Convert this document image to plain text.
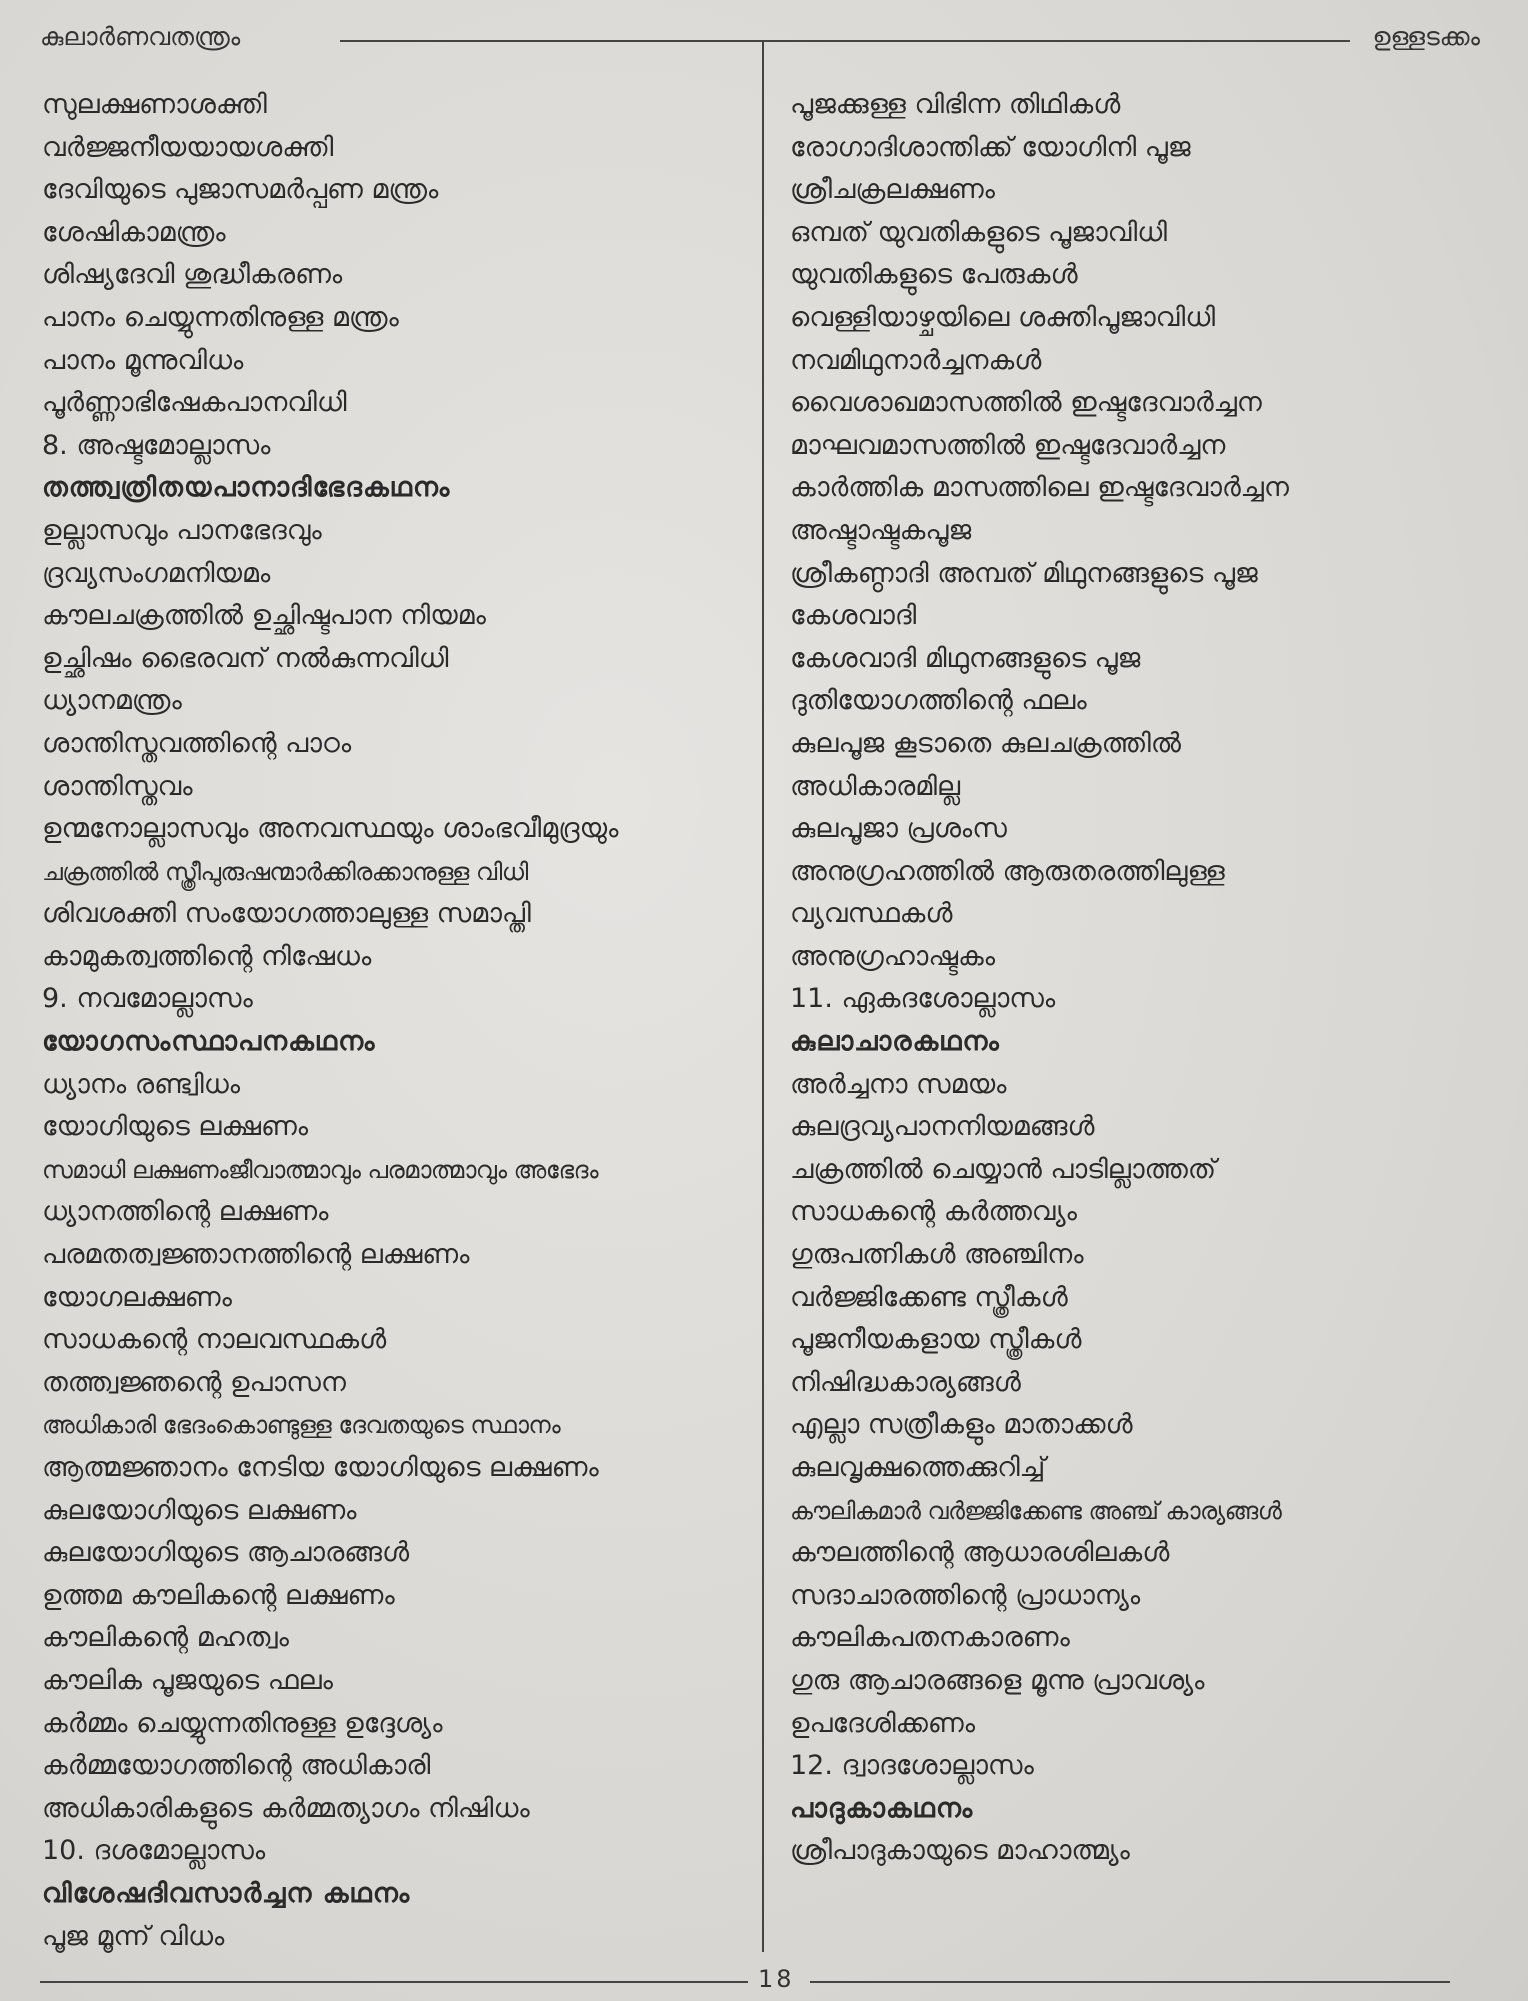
കുലാർണവതന്ത്രം	ഉള്ളടക്കം
സുലക്ഷണാശക്തി
വർജ്ജനീയയായശക്തി
ദേവിയുടെ പുജാസമർപ്പണ മന്ത്രം
ശേഷികാമന്ത്രം
ശിഷ്യദേവി ശുദ്ധീകരണം
പാനം ചെയ്യുന്നതിനുള്ള മന്ത്രം
പാനം മൂന്നുവിധം
പൂർണ്ണാഭിഷേകപാനവിധി
8. അഷ്ടമോല്ലാസം
തത്ത്വത്രിതയപാനാദിഭേദകഥനം
ഉല്ലാസവും പാനഭേദവും
ദ്രവ്യസംഗമനിയമം
കൗലചക്രത്തിൽ ഉച്ഛിഷ്ടപാന നിയമം
ഉച്ഛിഷം ഭൈരവന് നൽകുന്നവിധി
ധ്യാനമന്ത്രം
ശാന്തിസ്തവത്തിന്റെ പാഠം
ശാന്തിസ്തവം
ഉന്മനോല്ലാസവും അനവസ്ഥയും ശാംഭവീമുദ്രയും
ചക്രത്തിൽ സ്ത്രീപുരുഷന്മാർക്കിരക്കാനുള്ള വിധി
ശിവശക്തി സംയോഗത്താലുള്ള സമാപ്തി
കാമുകത്വത്തിന്റെ നിഷേധം
9. നവമോല്ലാസം
യോഗസംസ്ഥാപനകഥനം
ധ്യാനം രണ്ട്വിധം
യോഗിയുടെ ലക്ഷണം
സമാധി ലക്ഷണംജീവാത്മാവും പരമാത്മാവും അഭേദം
ധ്യാനത്തിന്റെ ലക്ഷണം
പരമതത്വജ്ഞാനത്തിന്റെ ലക്ഷണം
യോഗലക്ഷണം
സാധകന്റെ നാലവസ്ഥകൾ
തത്ത്വജ്ഞന്റെ ഉപാസന
അധികാരി ഭേദംകൊണ്ടുള്ള ദേവതയുടെ സ്ഥാനം
ആത്മജ്ഞാനം നേടിയ യോഗിയുടെ ലക്ഷണം
കുലയോഗിയുടെ ലക്ഷണം
കുലയോഗിയുടെ ആചാരങ്ങൾ
ഉത്തമ കൗലികന്റെ ലക്ഷണം
കൗലികന്റെ മഹത്വം
കൗലിക പൂജയുടെ ഫലം
കർമ്മം ചെയ്യുന്നതിനുള്ള ഉദ്ദേശ്യം
കർമ്മയോഗത്തിന്റെ അധികാരി
അധികാരികളുടെ കർമ്മത്യാഗം നിഷിധം
10. ദശമോല്ലാസം
വിശേഷദിവസാർച്ചന കഥനം
പൂജ മൂന്ന് വിധം
പൂജക്കുള്ള വിഭിന്ന തിഥികൾ
രോഗാദിശാന്തിക്ക് യോഗിനി പൂജ
ശ്രീചക്രലക്ഷണം
ഒമ്പത് യുവതികളുടെ പൂജാവിധി
യുവതികളുടെ പേരുകൾ
വെള്ളിയാഴ്ചയിലെ ശക്തിപൂജാവിധി
നവമിഥുനാർച്ചനകൾ
വൈശാഖമാസത്തിൽ ഇഷ്ടദേവാർച്ചന
മാഘവമാസത്തിൽ ഇഷ്ടദേവാർച്ചന
കാർത്തിക മാസത്തിലെ ഇഷ്ടദേവാർച്ചന
അഷ്ടാഷ്ടകപൂജ
ശ്രീകണ്ഠാദി അമ്പത് മിഥുനങ്ങളുടെ പൂജ
കേശവാദി
കേശവാദി മിഥുനങ്ങളുടെ പൂജ
ദുതിയോഗത്തിന്റെ ഫലം
കുലപൂജ കൂടാതെ കുലചക്രത്തിൽ
അധികാരമില്ല
കുലപൂജാ പ്രശംസ
അനുഗ്രഹത്തിൽ ആരുതരത്തിലുള്ള
വ്യവസ്ഥകൾ
അനുഗ്രഹാഷ്ടകം
11. ഏകദശോല്ലാസം
കുലാചാരകഥനം
അർച്ചനാ സമയം
കുലദ്രവ്യപാനനിയമങ്ങൾ
ചക്രത്തിൽ ചെയ്യാൻ പാടില്ലാത്തത്
സാധകന്റെ കർത്തവ്യം
ഗുരുപത്നികൾ അഞ്ചിനം
വർജ്ജിക്കേണ്ട സ്ത്രീകൾ
പൂജനീയകളായ സ്ത്രീകൾ
നിഷിദ്ധകാര്യങ്ങൾ
എല്ലാ സത്രീകളും മാതാക്കൾ
കുലവൃക്ഷത്തെക്കുറിച്ച്
കൗലികമാർ വർജ്ജിക്കേണ്ട അഞ്ച് കാര്യങ്ങൾ
കൗലത്തിന്റെ ആധാരശിലകൾ
സദാചാരത്തിന്റെ പ്രാധാന്യം
കൗലികപതനകാരണം
ഗുരു ആചാരങ്ങളെ മൂന്നു പ്രാവശ്യം
ഉപദേശിക്കണം
12. ദ്വാദശോല്ലാസം
പാദുകാകഥനം
ശ്രീപാദുകായുടെ മാഹാത്മ്യം
18
